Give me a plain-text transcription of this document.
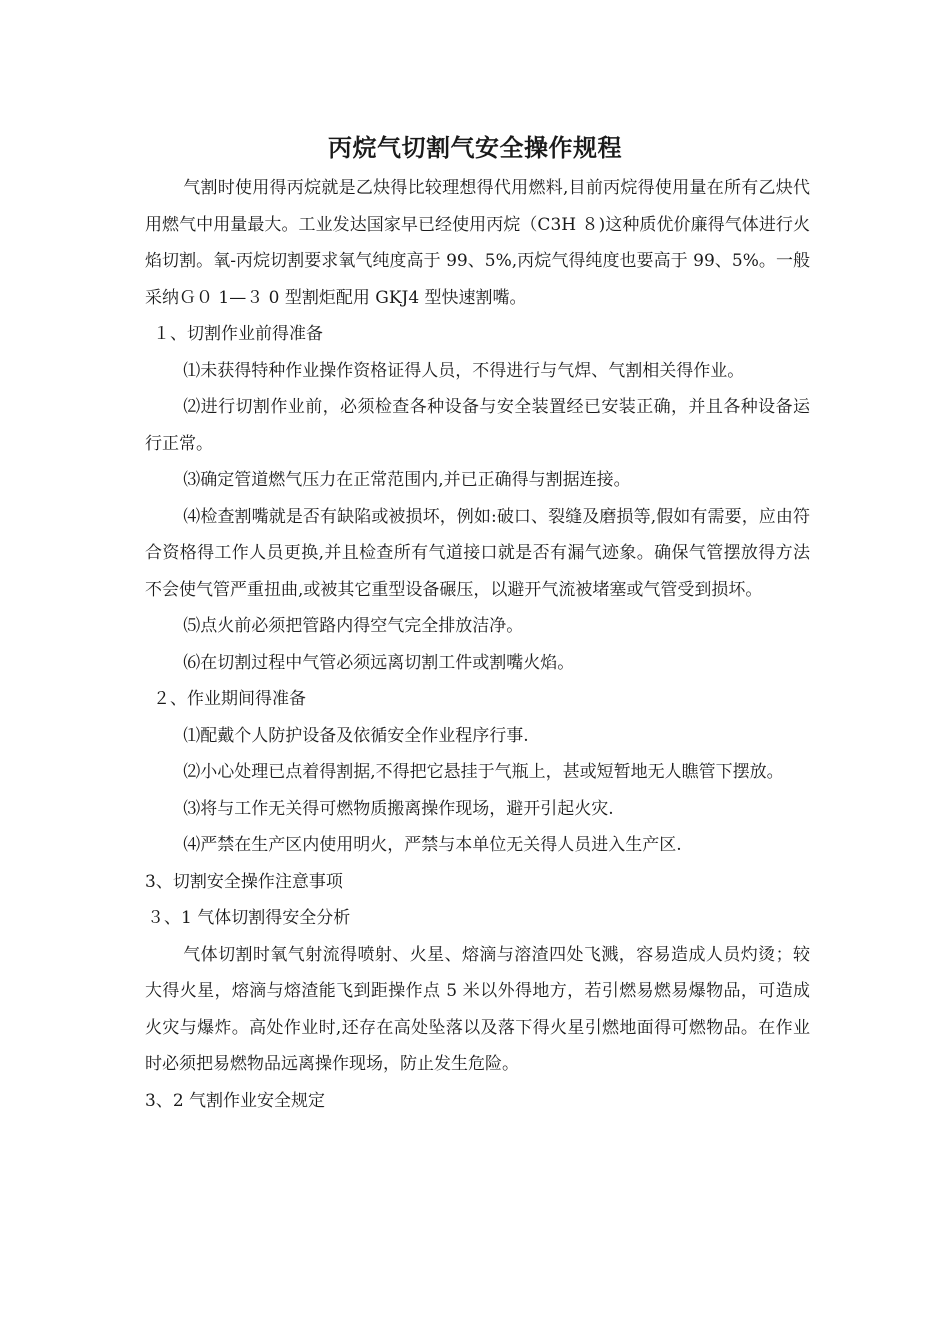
丙烷气切割气安全操作规程

气割时使用得丙烷就是乙炔得比较理想得代用燃料,目前丙烷得使用量在所有乙炔代用燃气中用量最大。工业发达国家早已经使用丙烷（C3H ８)这种质优价廉得气体进行火焰切割。氧-丙烷切割要求氧气纯度高于 99、5%,丙烷气得纯度也要高于 99、5%。一般采纳Ｇ０ 1—３ 0 型割炬配用 GKJ4 型快速割嘴。

１、切割作业前得准备

⑴未获得特种作业操作资格证得人员，不得进行与气焊、气割相关得作业。

⑵进行切割作业前，必须检查各种设备与安全装置经已安装正确，并且各种设备运行正常。

⑶确定管道燃气压力在正常范围内,并已正确得与割据连接。

⑷检查割嘴就是否有缺陷或被损坏，例如:破口、裂缝及磨损等,假如有需要，应由符合资格得工作人员更换,并且检查所有气道接口就是否有漏气迹象。确保气管摆放得方法不会使气管严重扭曲,或被其它重型设备碾压，以避开气流被堵塞或气管受到损坏。

⑸点火前必须把管路内得空气完全排放洁净。

⑹在切割过程中气管必须远离切割工件或割嘴火焰。

２、作业期间得准备

⑴配戴个人防护设备及依循安全作业程序行事.

⑵小心处理已点着得割据,不得把它悬挂于气瓶上，甚或短暂地无人瞧管下摆放。

⑶将与工作无关得可燃物质搬离操作现场，避开引起火灾.

⑷严禁在生产区内使用明火，严禁与本单位无关得人员进入生产区.

3、切割安全操作注意事项

３、1 气体切割得安全分析

气体切割时氧气射流得喷射、火星、熔滴与溶渣四处飞溅，容易造成人员灼烫；较大得火星，熔滴与熔渣能飞到距操作点 5 米以外得地方，若引燃易燃易爆物品，可造成火灾与爆炸。高处作业时,还存在高处坠落以及落下得火星引燃地面得可燃物品。在作业时必须把易燃物品远离操作现场，防止发生危险。

3、2 气割作业安全规定
